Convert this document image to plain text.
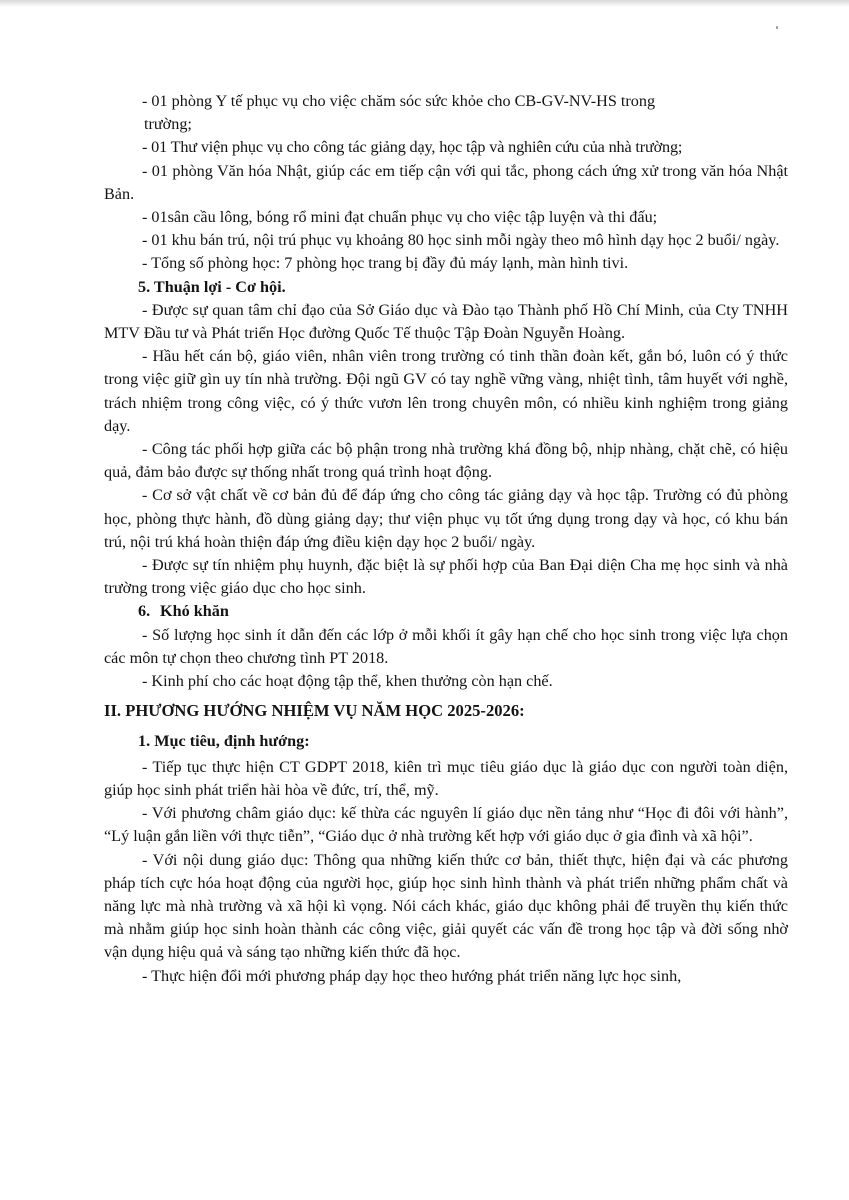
- 01 phòng Y tế phục vụ cho việc chăm sóc sức khỏe cho CB-GV-NV-HS trong

trường;

- 01 Thư viện phục vụ cho công tác giảng dạy, học tập và nghiên cứu của nhà trường;

- 01 phòng Văn hóa Nhật, giúp các em tiếp cận với qui tắc, phong cách ứng xử trong văn hóa Nhật Bản.

- 01sân cầu lông, bóng rổ mini đạt chuẩn phục vụ cho việc tập luyện và thi đấu;

- 01 khu bán trú, nội trú phục vụ khoảng 80 học sinh mỗi ngày theo mô hình dạy học 2 buổi/ ngày.

- Tổng số phòng học: 7 phòng học trang bị đầy đủ máy lạnh, màn hình tivi.

5. Thuận lợi - Cơ hội.

- Được sự quan tâm chỉ đạo của Sở Giáo dục và Đào tạo Thành phố Hồ Chí Minh, của Cty TNHH MTV Đầu tư và Phát triển Học đường Quốc Tế thuộc Tập Đoàn Nguyễn Hoàng.

- Hầu hết cán bộ, giáo viên, nhân viên trong trường có tinh thần đoàn kết, gắn bó, luôn có ý thức trong việc giữ gìn uy tín nhà trường. Đội ngũ GV có tay nghề vững vàng, nhiệt tình, tâm huyết với nghề, trách nhiệm trong công việc, có ý thức vươn lên trong chuyên môn, có nhiều kinh nghiệm trong giảng dạy.

- Công tác phối hợp giữa các bộ phận trong nhà trường khá đồng bộ, nhịp nhàng, chặt chẽ, có hiệu quả, đảm bảo được sự thống nhất trong quá trình hoạt động.

- Cơ sở vật chất về cơ bản đủ để đáp ứng cho công tác giảng dạy và học tập. Trường có đủ phòng học, phòng thực hành, đồ dùng giảng dạy; thư viện phục vụ tốt ứng dụng trong dạy và học, có khu bán trú, nội trú khá hoàn thiện đáp ứng điều kiện dạy học 2 buổi/ ngày.

- Được sự tín nhiệm phụ huynh, đặc biệt là sự phối hợp của Ban Đại diện Cha mẹ học sinh và nhà trường trong việc giáo dục cho học sinh.

6. Khó khăn

- Số lượng học sinh ít dẫn đến các lớp ở mỗi khối ít gây hạn chế cho học sinh trong việc lựa chọn các môn tự chọn theo chương tình PT 2018.

- Kinh phí cho các hoạt động tập thể, khen thưởng còn hạn chế.

II. PHƯƠNG HƯỚNG NHIỆM VỤ NĂM HỌC 2025-2026:

1. Mục tiêu, định hướng:

- Tiếp tục thực hiện CT GDPT 2018, kiên trì mục tiêu giáo dục là giáo dục con người toàn diện, giúp học sinh phát triển hài hòa về đức, trí, thể, mỹ.

- Với phương châm giáo dục: kế thừa các nguyên lí giáo dục nền tảng như “Học đi đôi với hành”, “Lý luận gắn liền với thực tiễn”, “Giáo dục ở nhà trường kết hợp với giáo dục ở gia đình và xã hội”.

- Với nội dung giáo dục: Thông qua những kiến thức cơ bản, thiết thực, hiện đại và các phương pháp tích cực hóa hoạt động của người học, giúp học sinh hình thành và phát triển những phẩm chất và năng lực mà nhà trường và xã hội kì vọng. Nói cách khác, giáo dục không phải để truyền thụ kiến thức mà nhằm giúp học sinh hoàn thành các công việc, giải quyết các vấn đề trong học tập và đời sống nhờ vận dụng hiệu quả và sáng tạo những kiến thức đã học.

- Thực hiện đổi mới phương pháp dạy học theo hướng phát triển năng lực học sinh,
